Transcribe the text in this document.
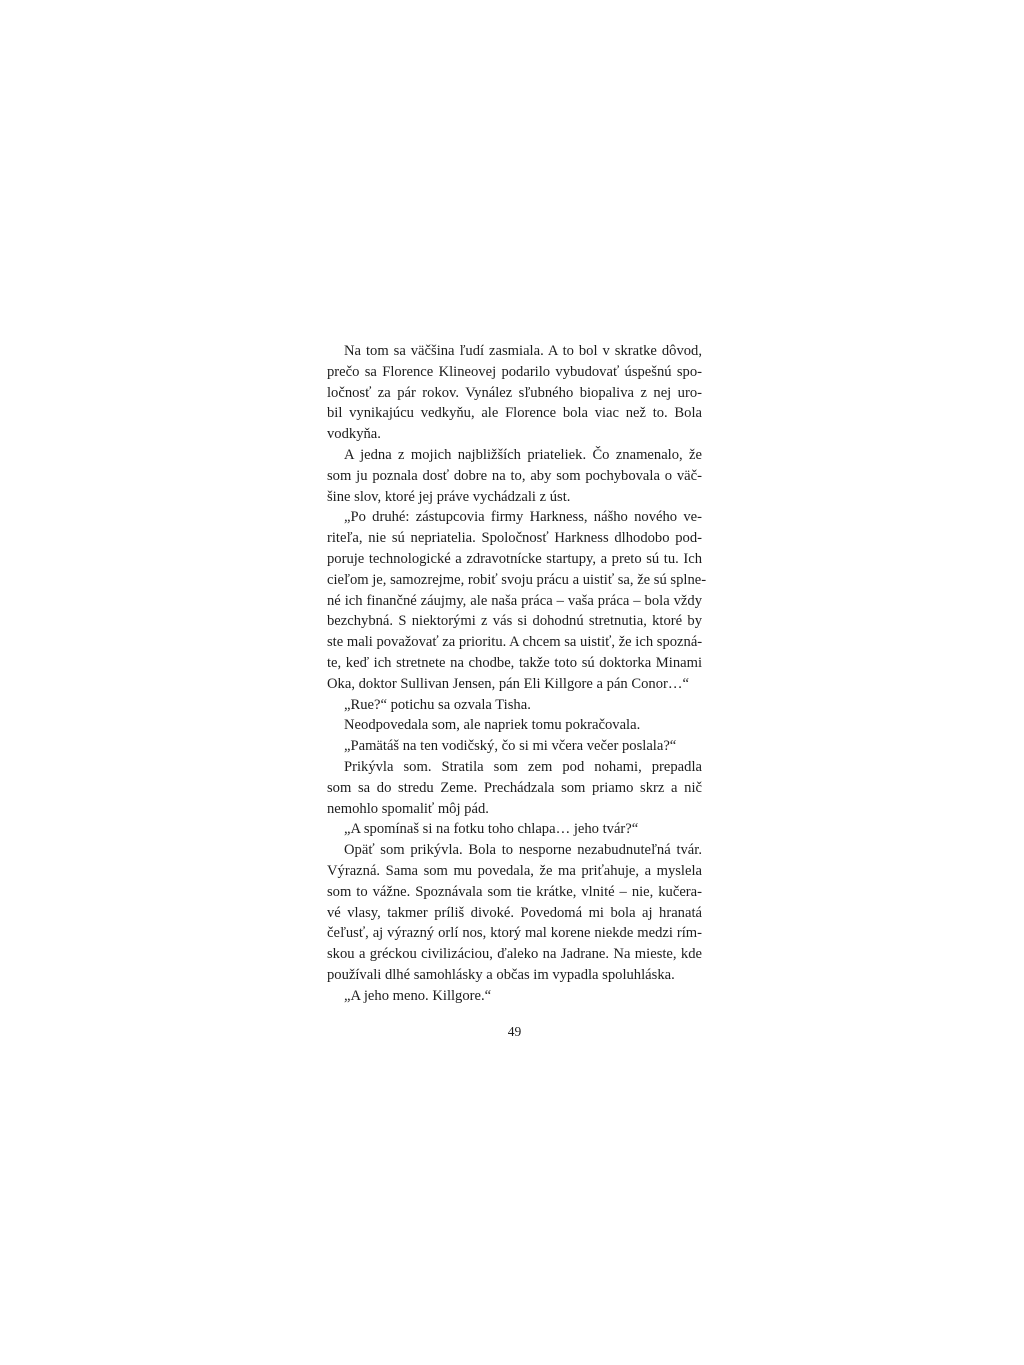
Na tom sa väčšina ľudí zasmiala. A to bol v skratke dôvod,
prečo sa Florence Klineovej podarilo vybudovať úspešnú spo-
ločnosť za pár rokov. Vynález sľubného biopaliva z nej uro-
bil vynikajúcu vedkyňu, ale Florence bola viac než to. Bola
vodkyňa.
A jedna z mojich najbližších priateliek. Čo znamenalo, že
som ju poznala dosť dobre na to, aby som pochybovala o väč-
šine slov, ktoré jej práve vychádzali z úst.
„Po druhé: zástupcovia firmy Harkness, nášho nového ve-
riteľa, nie sú nepriatelia. Spoločnosť Harkness dlhodobo pod-
poruje technologické a zdravotnícke startupy, a preto sú tu. Ich
cieľom je, samozrejme, robiť svoju prácu a uistiť sa, že sú splne-
né ich finančné záujmy, ale naša práca – vaša práca – bola vždy
bezchybná. S niektorými z vás si dohodnú stretnutia, ktoré by
ste mali považovať za prioritu. A chcem sa uistiť, že ich spozná-
te, keď ich stretnete na chodbe, takže toto sú doktorka Minami
Oka, doktor Sullivan Jensen, pán Eli Killgore a pán Conor…“
„Rue?“ potichu sa ozvala Tisha.
Neodpovedala som, ale napriek tomu pokračovala.
„Pamätáš na ten vodičský, čo si mi včera večer poslala?“
Prikývla som. Stratila som zem pod nohami, prepadla
som sa do stredu Zeme. Prechádzala som priamo skrz a nič
nemohlo spomaliť môj pád.
„A spomínaš si na fotku toho chlapa… jeho tvár?“
Opäť som prikývla. Bola to nesporne nezabudnuteľná tvár.
Výrazná. Sama som mu povedala, že ma priťahuje, a myslela
som to vážne. Spoznávala som tie krátke, vlnité – nie, kučera-
vé vlasy, takmer príliš divoké. Povedomá mi bola aj hranatá
čeľusť, aj výrazný orlí nos, ktorý mal korene niekde medzi rím-
skou a gréckou civilizáciou, ďaleko na Jadrane. Na mieste, kde
používali dlhé samohlásky a občas im vypadla spoluhláska.
„A jeho meno. Killgore.“
49
